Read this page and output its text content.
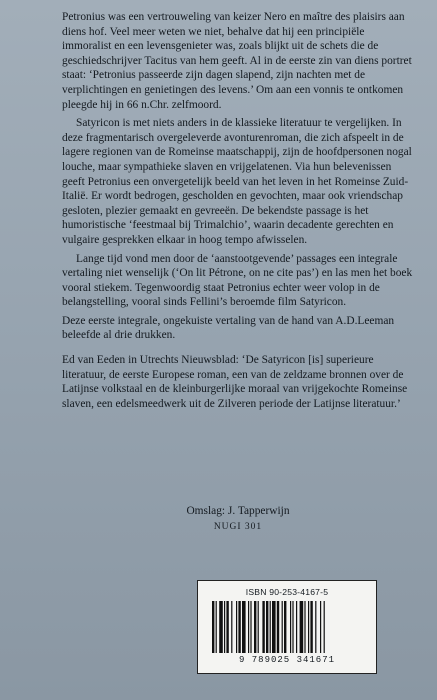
Petronius was een vertrouweling van keizer Nero en maître des plaisirs aan diens hof. Veel meer weten we niet, behalve dat hij een principiële immoralist en een levensgenieter was, zoals blijkt uit de schets die de geschiedschrijver Tacitus van hem geeft. Al in de eerste zin van diens portret staat: ‘Petronius passeerde zijn dagen slapend, zijn nachten met de verplichtingen en genietingen des levens.’ Om aan een vonnis te ontkomen pleegde hij in 66 n.Chr. zelfmoord.

Satyricon is met niets anders in de klassieke literatuur te vergelijken. In deze fragmentarisch overgeleverde avonturenroman, die zich afspeelt in de lagere regionen van de Romeinse maatschappij, zijn de hoofdpersonen nogal louche, maar sympathieke slaven en vrijgelatenen. Via hun belevenissen geeft Petronius een onvergetelijk beeld van het leven in het Romeinse Zuid-Italië. Er wordt bedrogen, gescholden en gevochten, maar ook vriendschap gesloten, plezier gemaakt en gevreeën. De bekendste passage is het humoristische ‘feestmaal bij Trimalchio’, waarin decadente gerechten en vulgaire gesprekken elkaar in hoog tempo afwisselen.

Lange tijd vond men door de ‘aanstootgevende’ passages een integrale vertaling niet wenselijk (‘On lit Pétrone, on ne cite pas’) en las men het boek vooral stiekem. Tegenwoordig staat Petronius echter weer volop in de belangstelling, vooral sinds Fellini’s beroemde film Satyricon.

Deze eerste integrale, ongekuiste vertaling van de hand van A.D.Leeman beleefde al drie drukken.

Ed van Eeden in Utrechts Nieuwsblad: ‘De Satyricon [is] superieure literatuur, de eerste Europese roman, een van de zeldzame bronnen over de Latijnse volkstaal en de kleinburgerlijke moraal van vrijgekochte Romeinse slaven, een edelsmeedwerk uit de Zilveren periode der Latijnse literatuur.’

Omslag: J. Tapperwijn
NUGI 301
ISBN 90-253-4167-5
9 789025 341671
